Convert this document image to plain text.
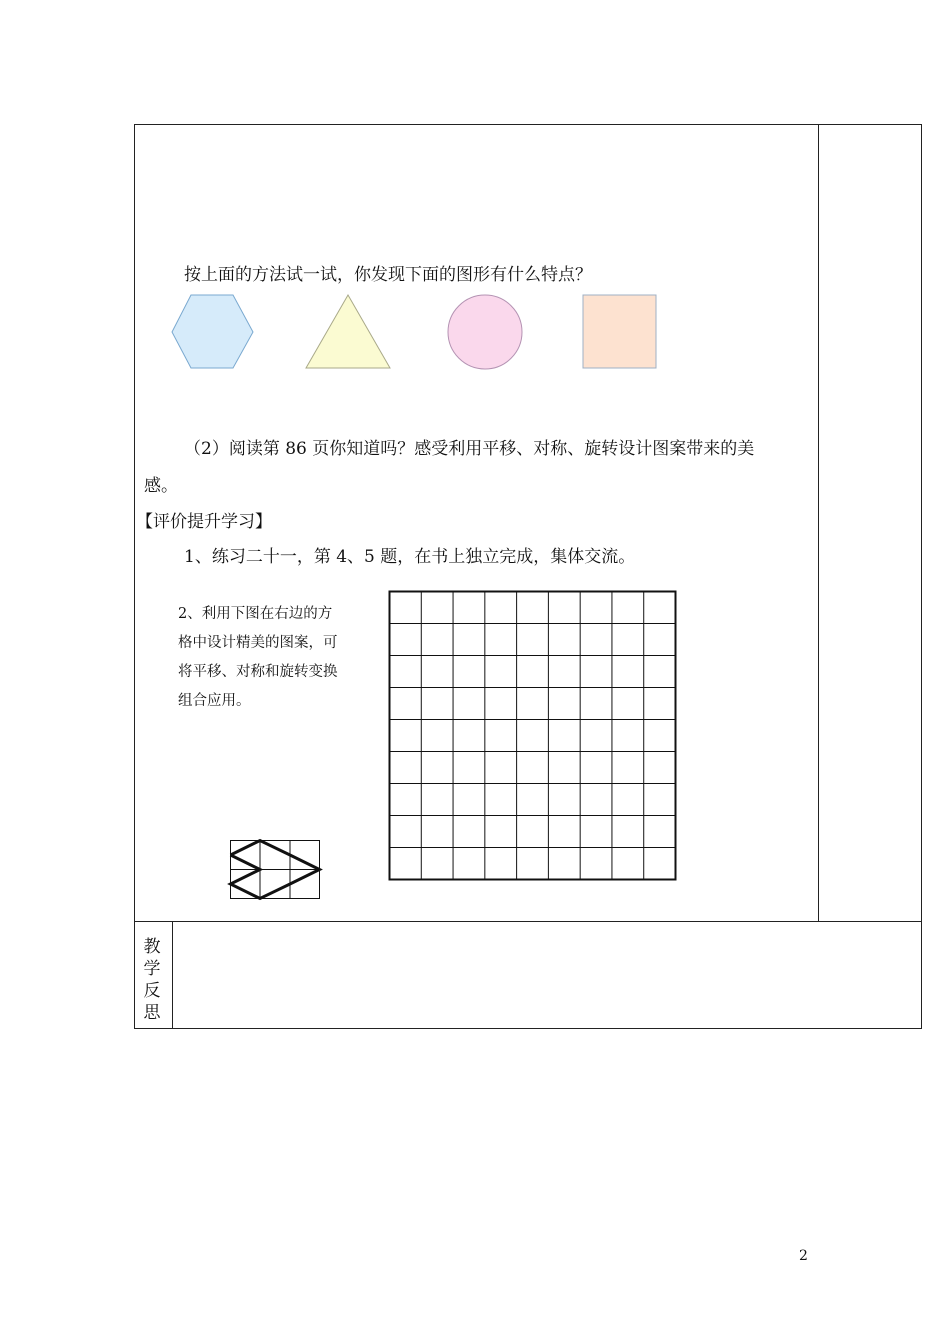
按上面的方法试一试，你发现下面的图形有什么特点？
（2）阅读第 86 页你知道吗？感受利用平移、对称、旋转设计图案带来的美
感。
【评价提升学习】
1、练习二十一，第 4、5 题，在书上独立完成，集体交流。
2、利用下图在右边的方
格中设计精美的图案，可
将平移、对称和旋转变换
组合应用。
教学反思
2
